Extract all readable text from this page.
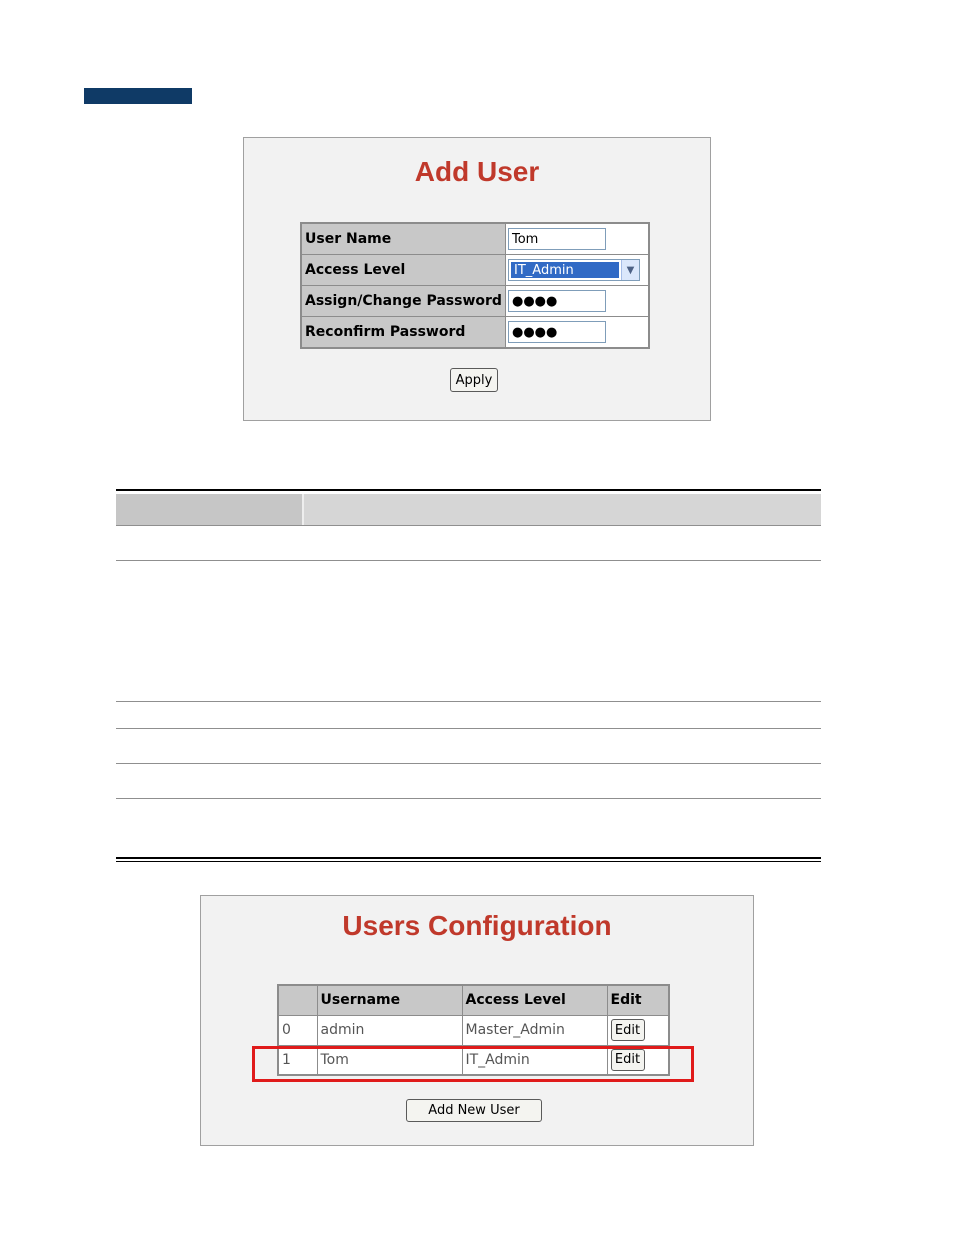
Add User
User Name	Tom

Access Level	IT_Admin ▼

Assign/Change Password	●●●●

Reconfirm Password	●●●●
Apply
Users Configuration
	Username	Access Level	Edit
0	admin	Master_Admin	Edit
1	Tom	IT_Admin	Edit
Add New User
